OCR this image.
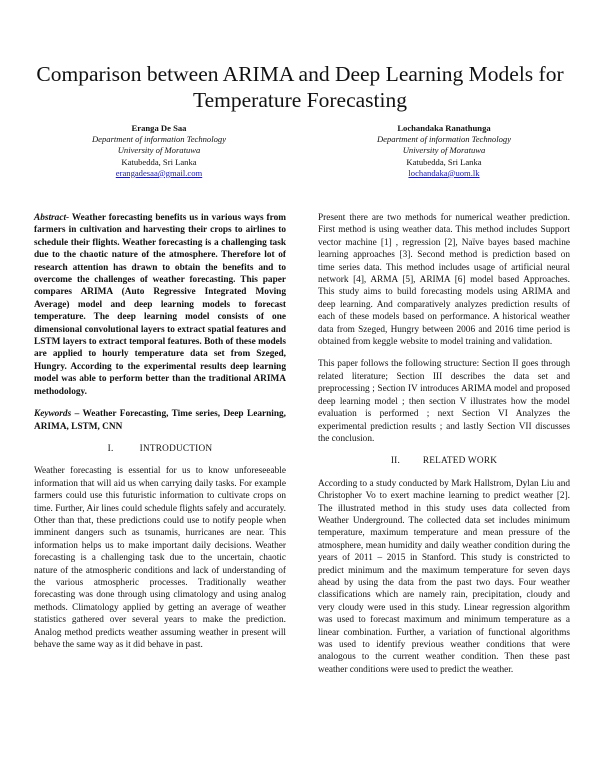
Comparison between ARIMA and Deep Learning Models for Temperature Forecasting
Eranga De Saa
Department of information Technology
University of Moratuwa
Katubedda, Sri Lanka
erangadesaa@gmail.com
Lochandaka Ranathunga
Department of information Technology
University of Moratuwa
Katubedda, Sri Lanka
lochandaka@uom.lk

Abstract- Weather forecasting benefits us in various ways from farmers in cultivation and harvesting their crops to airlines to schedule their flights. Weather forecasting is a challenging task due to the chaotic nature of the atmosphere. Therefore lot of research attention has drawn to obtain the benefits and to overcome the challenges of weather forecasting. This paper compares ARIMA (Auto Regressive Integrated Moving Average) model and deep learning models to forecast temperature. The deep learning model consists of one dimensional convolutional layers to extract spatial features and LSTM layers to extract temporal features. Both of these models are applied to hourly temperature data set from Szeged, Hungry. According to the experimental results deep learning model was able to perform better than the traditional ARIMA methodology.

Keywords – Weather Forecasting, Time series, Deep Learning, ARIMA, LSTM, CNN

I.	INTRODUCTION

Weather forecasting is essential for us to know unforeseeable information that will aid us when carrying daily tasks. For example farmers could use this futuristic information to cultivate crops on time. Further, Air lines could schedule flights safely and accurately. Other than that, these predictions could use to notify people when imminent dangers such as tsunamis, hurricanes are near. This information helps us to make important daily decisions. Weather forecasting is a challenging task due to the uncertain, chaotic nature of the atmospheric conditions and lack of understanding of the various atmospheric processes. Traditionally weather forecasting was done through using climatology and using analog methods. Climatology applied by getting an average of weather statistics gathered over several years to make the prediction. Analog method predicts weather assuming weather in present will behave the same way as it did behave in past.

Present there are two methods for numerical weather prediction. First method is using weather data. This method includes Support vector machine [1] , regression [2], Naïve bayes based machine learning approaches [3]. Second method is prediction based on time series data. This method includes usage of artificial neural network [4], ARMA [5], ARIMA [6] model based Approaches. This study aims to build forecasting models using ARIMA and deep learning. And comparatively analyzes prediction results of each of these models based on performance. A historical weather data from Szeged, Hungry between 2006 and 2016 time period is obtained from keggle website to model training and validation.

This paper follows the following structure: Section II goes through related literature; Section III describes the data set and preprocessing ; Section IV introduces ARIMA model and proposed deep learning model ; then section V illustrates how the model evaluation is performed ; next Section VI Analyzes the experimental prediction results ; and lastly Section VII discusses the conclusion.

II. RELATED WORK

According to a study conducted by Mark Hallstrom, Dylan Liu and Christopher Vo to exert machine learning to predict weather [2]. The illustrated method in this study uses data collected from Weather Underground. The collected data set includes minimum temperature, maximum temperature and mean pressure of the atmosphere, mean humidity and daily weather condition during the years of 2011 – 2015 in Stanford. This study is constricted to predict minimum and the maximum temperature for seven days ahead by using the data from the past two days. Four weather classifications which are namely rain, precipitation, cloudy and very cloudy were used in this study. Linear regression algorithm was used to forecast maximum and minimum temperature as a linear combination. Further, a variation of functional algorithms was used to identify previous weather conditions that were analogous to the current weather condition. Then these past weather conditions were used to predict the weather.
